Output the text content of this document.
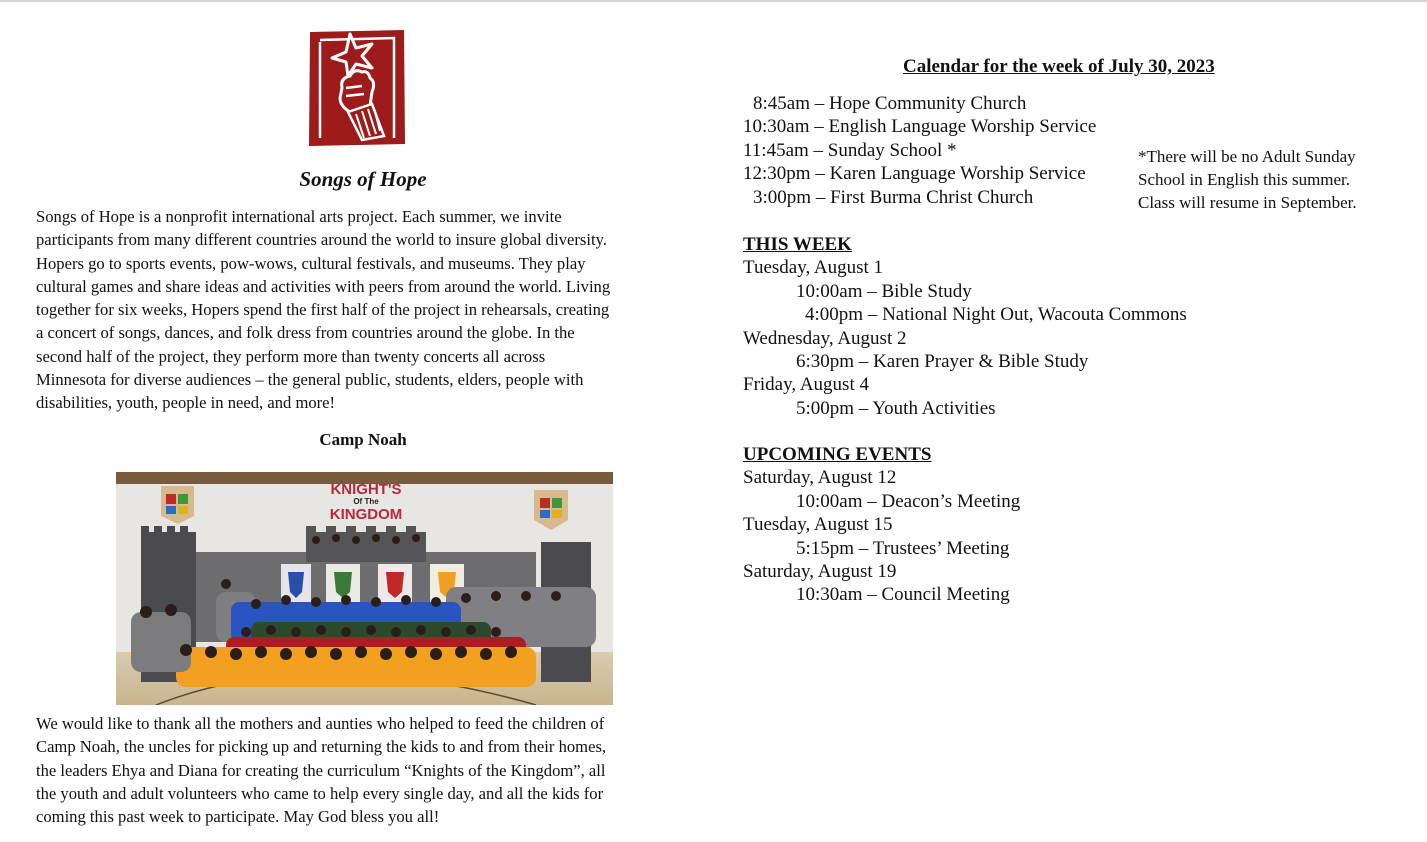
Songs of Hope
Songs of Hope is a nonprofit international arts project. Each summer, we invite
participants from many different countries around the world to insure global diversity.
Hopers go to sports events, pow-wows, cultural festivals, and museums. They play
cultural games and share ideas and activities with peers from around the world. Living
together for six weeks, Hopers spend the first half of the project in rehearsals, creating
a concert of songs, dances, and folk dress from countries around the globe. In the
second half of the project, they perform more than twenty concerts all across
Minnesota for diverse audiences – the general public, students, elders, people with
disabilities, youth, people in need, and more!
Camp Noah
KNIGHT'S
Of The
KINGDOM
We would like to thank all the mothers and aunties who helped to feed the children of
Camp Noah, the uncles for picking up and returning the kids to and from their homes,
the leaders Ehya and Diana for creating the curriculum “Knights of the Kingdom”, all
the youth and adult volunteers who came to help every single day, and all the kids for
coming this past week to participate. May God bless you all!
Calendar for the week of July 30, 2023
8:45am – Hope Community Church
10:30am – English Language Worship Service
11:45am – Sunday School *
12:30pm – Karen Language Worship Service
3:00pm – First Burma Christ Church
*There will be no Adult Sunday
School in English this summer.
Class will resume in September.
THIS WEEK
Tuesday, August 1
10:00am – Bible Study
4:00pm – National Night Out, Wacouta Commons
Wednesday, August 2
6:30pm – Karen Prayer & Bible Study
Friday, August 4
5:00pm – Youth Activities
UPCOMING EVENTS
Saturday, August 12
10:00am – Deacon’s Meeting
Tuesday, August 15
5:15pm – Trustees’ Meeting
Saturday, August 19
10:30am – Council Meeting
